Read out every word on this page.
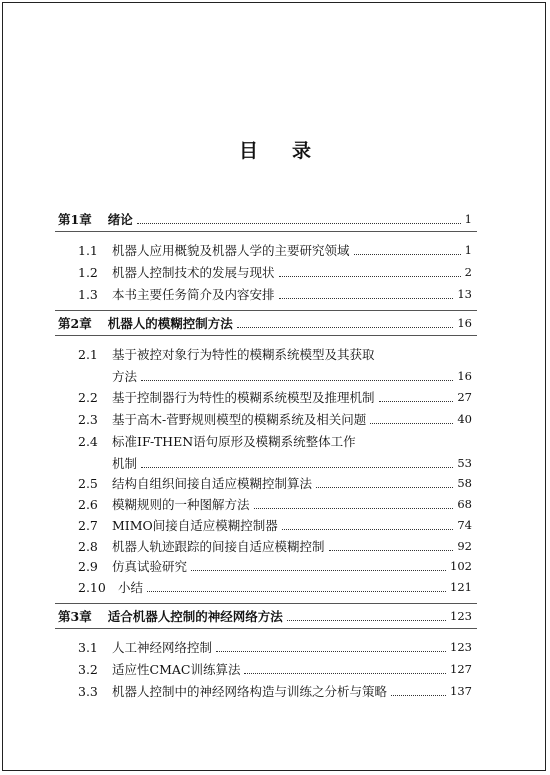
目录
第1章 绪论	1
1.1	机器人应用概貌及机器人学的主要研究领域	1
1.2	机器人控制技术的发展与现状	2
1.3	本书主要任务简介及内容安排	13
第2章 机器人的模糊控制方法	16
2.1	基于被控对象行为特性的模糊系统模型及其获取
方法	16
2.2	基于控制器行为特性的模糊系统模型及推理机制	27
2.3	基于高木-菅野规则模型的模糊系统及相关问题	40
2.4	标准IF-THEN语句原形及模糊系统整体工作
机制	53
2.5	结构自组织间接自适应模糊控制算法	58
2.6	模糊规则的一种图解方法	68
2.7	MIMO间接自适应模糊控制器	74
2.8	机器人轨迹跟踪的间接自适应模糊控制	92
2.9	仿真试验研究	102
2.10 小结	121
第3章 适合机器人控制的神经网络方法	123
3.1	人工神经网络控制	123
3.2	适应性CMAC训练算法	127
3.3	机器人控制中的神经网络构造与训练之分析与策略	137
